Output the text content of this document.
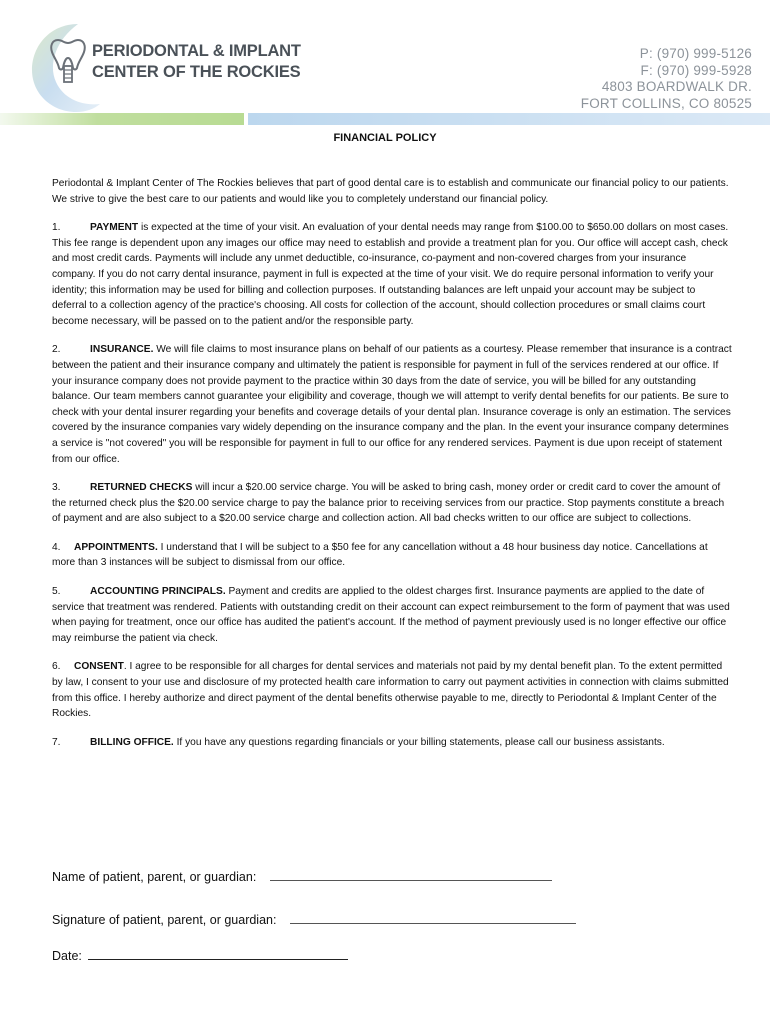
PERIODONTAL & IMPLANT
CENTER OF THE ROCKIES
P: (970) 999-5126
F: (970) 999-5928
4803 BOARDWALK DR.
FORT COLLINS, CO 80525
FINANCIAL POLICY

Periodontal & Implant Center of The Rockies believes that part of good dental care is to establish and communicate our financial policy to our patients. We strive to give the best care to our patients and would like you to completely understand our financial policy.

1.	PAYMENT is expected at the time of your visit. An evaluation of your dental needs may range from $100.00 to $650.00 dollars on most cases. This fee range is dependent upon any images our office may need to establish and provide a treatment plan for you. Our office will accept cash, check and most credit cards. Payments will include any unmet deductible, co-insurance, co-payment and non-covered charges from your insurance company. If you do not carry dental insurance, payment in full is expected at the time of your visit. We do require personal information to verify your identity; this information may be used for billing and collection purposes. If outstanding balances are left unpaid your account may be subject to deferral to a collection agency of the practice's choosing. All costs for collection of the account, should collection procedures or small claims court become necessary, will be passed on to the patient and/or the responsible party.

2.	INSURANCE. We will file claims to most insurance plans on behalf of our patients as a courtesy. Please remember that insurance is a contract between the patient and their insurance company and ultimately the patient is responsible for payment in full of the services rendered at our office. If your insurance company does not provide payment to the practice within 30 days from the date of service, you will be billed for any outstanding balance. Our team members cannot guarantee your eligibility and coverage, though we will attempt to verify dental benefits for our patients. Be sure to check with your dental insurer regarding your benefits and coverage details of your dental plan. Insurance coverage is only an estimation. The services covered by the insurance companies vary widely depending on the insurance company and the plan. In the event your insurance company determines a service is "not covered" you will be responsible for payment in full to our office for any rendered services. Payment is due upon receipt of statement from our office.

3.	RETURNED CHECKS will incur a $20.00 service charge. You will be asked to bring cash, money order or credit card to cover the amount of the returned check plus the $20.00 service charge to pay the balance prior to receiving services from our practice. Stop payments constitute a breach of payment and are also subject to a $20.00 service charge and collection action. All bad checks written to our office are subject to collections.

4. APPOINTMENTS. I understand that I will be subject to a $50 fee for any cancellation without a 48 hour business day notice. Cancellations at more than 3 instances will be subject to dismissal from our office.

5.	ACCOUNTING PRINCIPALS. Payment and credits are applied to the oldest charges first. Insurance payments are applied to the date of service that treatment was rendered. Patients with outstanding credit on their account can expect reimbursement to the form of payment that was used when paying for treatment, once our office has audited the patient's account. If the method of payment previously used is no longer effective our office may reimburse the patient via check.

6. CONSENT. I agree to be responsible for all charges for dental services and materials not paid by my dental benefit plan. To the extent permitted by law, I consent to your use and disclosure of my protected health care information to carry out payment activities in connection with claims submitted from this office. I hereby authorize and direct payment of the dental benefits otherwise payable to me, directly to Periodontal & Implant Center of the Rockies.

7.	BILLING OFFICE. If you have any questions regarding financials or your billing statements, please call our business assistants.

Name of patient, parent, or guardian:
Signature of patient, parent, or guardian:
Date:
